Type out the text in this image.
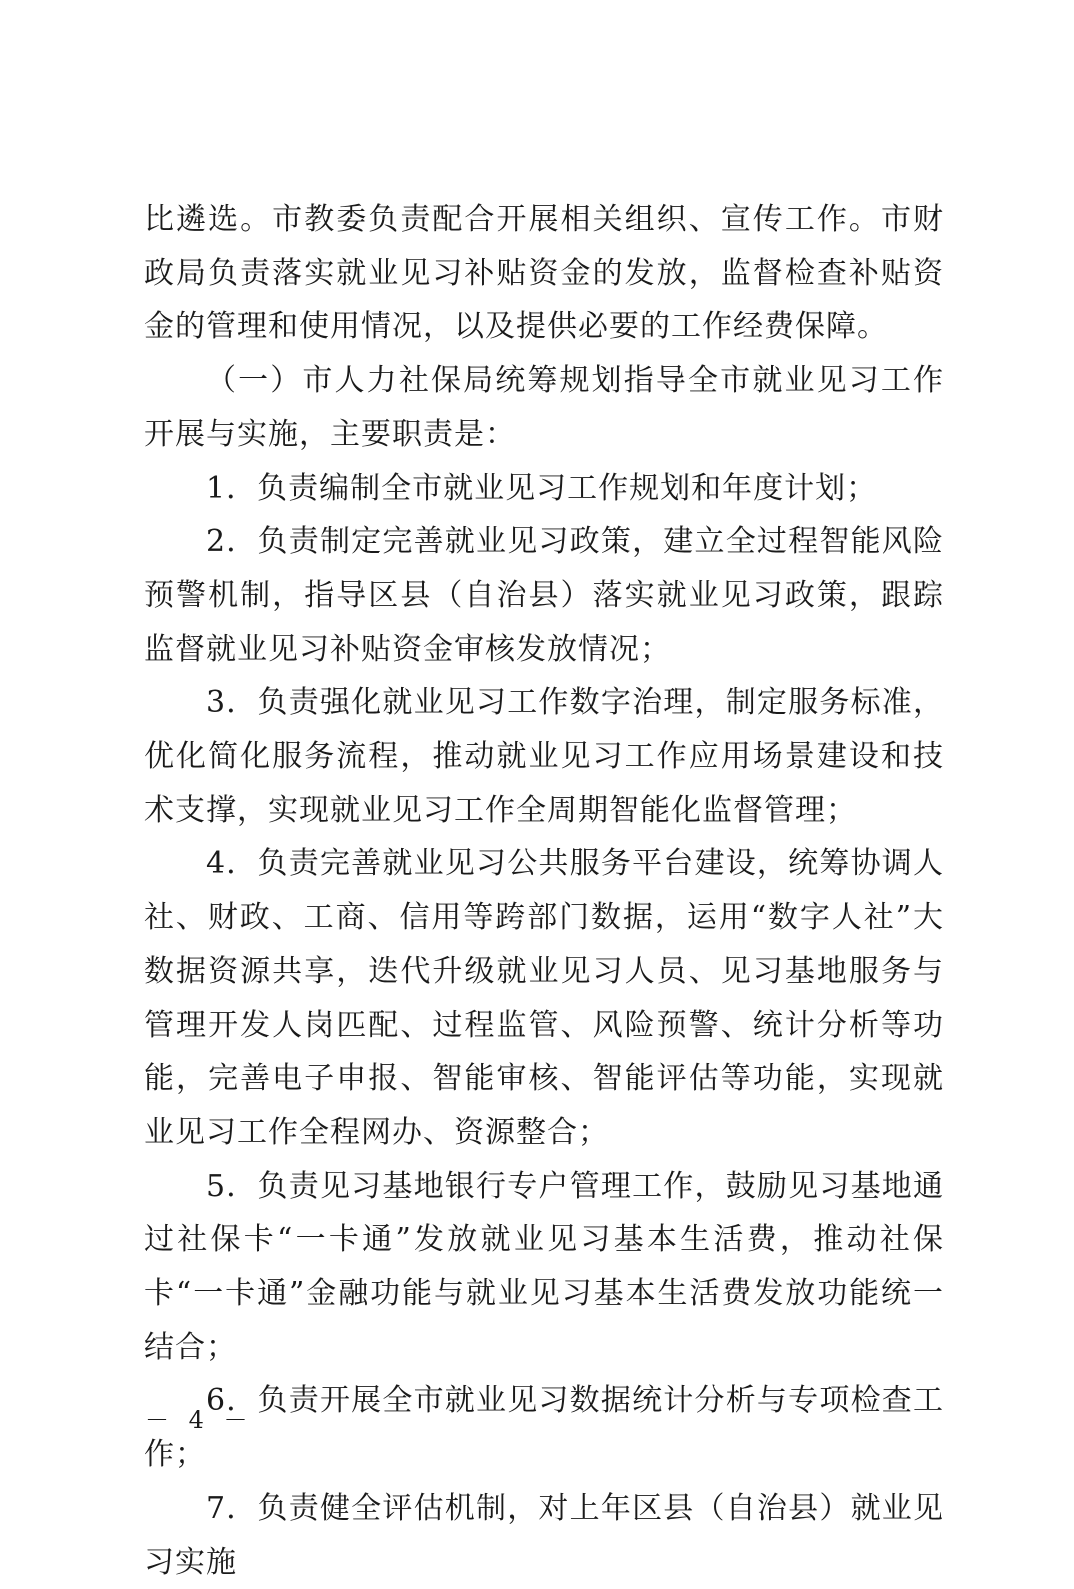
比遴选。市教委负责配合开展相关组织、宣传工作。市财政局负责落实就业见习补贴资金的发放，监督检查补贴资金的管理和使用情况，以及提供必要的工作经费保障。

（一）市人力社保局统筹规划指导全市就业见习工作开展与实施，主要职责是：

1．负责编制全市就业见习工作规划和年度计划；

2．负责制定完善就业见习政策，建立全过程智能风险预警机制，指导区县（自治县）落实就业见习政策，跟踪监督就业见习补贴资金审核发放情况；

3．负责强化就业见习工作数字治理，制定服务标准，优化简化服务流程，推动就业见习工作应用场景建设和技术支撑，实现就业见习工作全周期智能化监督管理；

4．负责完善就业见习公共服务平台建设，统筹协调人社、财政、工商、信用等跨部门数据，运用“数字人社”大数据资源共享，迭代升级就业见习人员、见习基地服务与管理开发人岗匹配、过程监管、风险预警、统计分析等功能，完善电子申报、智能审核、智能评估等功能，实现就业见习工作全程网办、资源整合；

5．负责见习基地银行专户管理工作，鼓励见习基地通过社保卡“一卡通”发放就业见习基本生活费，推动社保卡“一卡通”金融功能与就业见习基本生活费发放功能统一结合；

6．负责开展全市就业见习数据统计分析与专项检查工作；

7．负责健全评估机制，对上年区县（自治县）就业见习实施

－ 4 －
